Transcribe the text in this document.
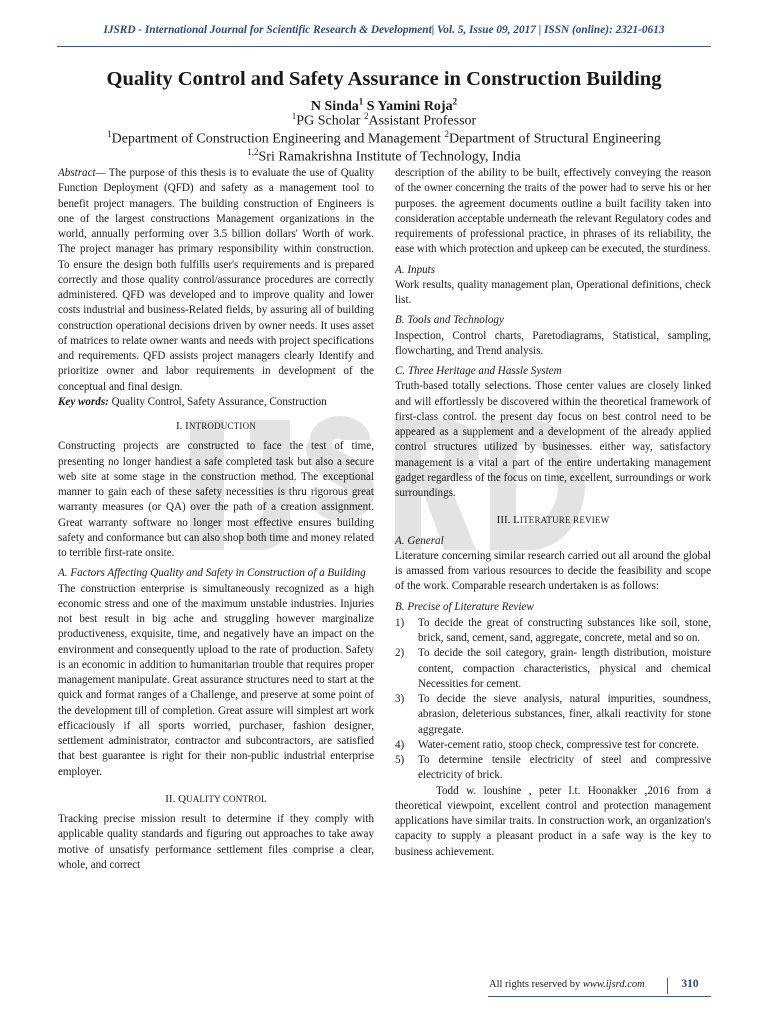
IJSRD - International Journal for Scientific Research & Development| Vol. 5, Issue 09, 2017 | ISSN (online): 2321-0613
Quality Control and Safety Assurance in Construction Building
N Sinda$^1$ S Yamini Roja$^2$
$^1$PG Scholar $^2$Assistant Professor
$^1$Department of Construction Engineering and Management $^2$Department of Structural Engineering
$^{1,2}$Sri Ramakrishna Institute of Technology, India

Abstract— The purpose of this thesis is to evaluate the use of Quality Function Deployment (QFD) and safety as a management tool to benefit project managers. The building construction of Engineers is one of the largest constructions Management organizations in the world, annually performing over 3.5 billion dollars' Worth of work. The project manager has primary responsibility within construction. To ensure the design both fulfills user's requirements and is prepared correctly and those quality control/assurance procedures are correctly administered. QFD was developed and to improve quality and lower costs industrial and business-Related fields, by assuring all of building construction operational decisions driven by owner needs. It uses asset of matrices to relate owner wants and needs with project specifications and requirements. QFD assists project managers clearly Identify and prioritize owner and labor requirements in development of the conceptual and final design.

Key words: Quality Control, Safety Assurance, Construction

I. INTRODUCTION

Constructing projects are constructed to face the test of time, presenting no longer handiest a safe completed task but also a secure web site at some stage in the construction method. The exceptional manner to gain each of these safety necessities is thru rigorous great warranty measures (or QA) over the path of a creation assignment. Great warranty software no longer most effective ensures building safety and conformance but can also shop both time and money related to terrible first-rate onsite.

A. Factors Affecting Quality and Safety in Construction of a Building

The construction enterprise is simultaneously recognized as a high economic stress and one of the maximum unstable industries. Injuries not best result in big ache and struggling however marginalize productiveness, exquisite, time, and negatively have an impact on the environment and consequently upload to the rate of production. Safety is an economic in addition to humanitarian trouble that requires proper management manipulate. Great assurance structures need to start at the quick and format ranges of a Challenge, and preserve at some point of the development till of completion. Great assure will simplest art work efficaciously if all sports worried, purchaser, fashion designer, settlement administrator, contractor and subcontractors, are satisfied that best guarantee is right for their non-public industrial enterprise employer.

II. QUALITY CONTROL

Tracking precise mission result to determine if they comply with applicable quality standards and figuring out approaches to take away motive of unsatisfy performance settlement files comprise a clear, whole, and correct

description of the ability to be built, effectively conveying the reason of the owner concerning the traits of the power had to serve his or her purposes. the agreement documents outline a built facility taken into consideration acceptable underneath the relevant Regulatory codes and requirements of professional practice, in phrases of its reliability, the ease with which protection and upkeep can be executed, the sturdiness.

A. Inputs

Work results, quality management plan, Operational definitions, check list.

B. Tools and Technology

Inspection, Control charts, Paretodiagrams, Statistical, sampling, flowcharting, and Trend analysis.

C. Three Heritage and Hassle System

Truth-based totally selections. Those center values are closely linked and will effortlessly be discovered within the theoretical framework of first-class control. the present day focus on best control need to be appeared as a supplement and a development of the already applied control structures utilized by businesses. either way, satisfactory management is a vital a part of the entire undertaking management gadget regardless of the focus on time, excellent, surroundings or work surroundings.

III. LITERATURE REVIEW

A. General

Literature concerning similar research carried out all around the global is amassed from various resources to decide the feasibility and scope of the work. Comparable research undertaken is as follows:

B. Precise of Literature Review

1) To decide the great of constructing substances like soil, stone, brick, sand, cement, sand, aggregate, concrete, metal and so on.
2) To decide the soil category, grain- length distribution, moisture content, compaction characteristics, physical and chemical Necessities for cement.
3) To decide the sieve analysis, natural impurities, soundness, abrasion, deleterious substances, finer, alkali reactivity for stone aggregate.
4) Water-cement ratio, stoop check, compressive test for concrete.
5) To determine tensile electricity of steel and compressive electricity of brick.

Todd w. loushine , peter l.t. Hoonakker ,2016 from a theoretical viewpoint, excellent control and protection management applications have similar traits. In construction work, an organization's capacity to supply a pleasant product in a safe way is the key to business achievement.

All rights reserved by www.ijsrd.com	310
